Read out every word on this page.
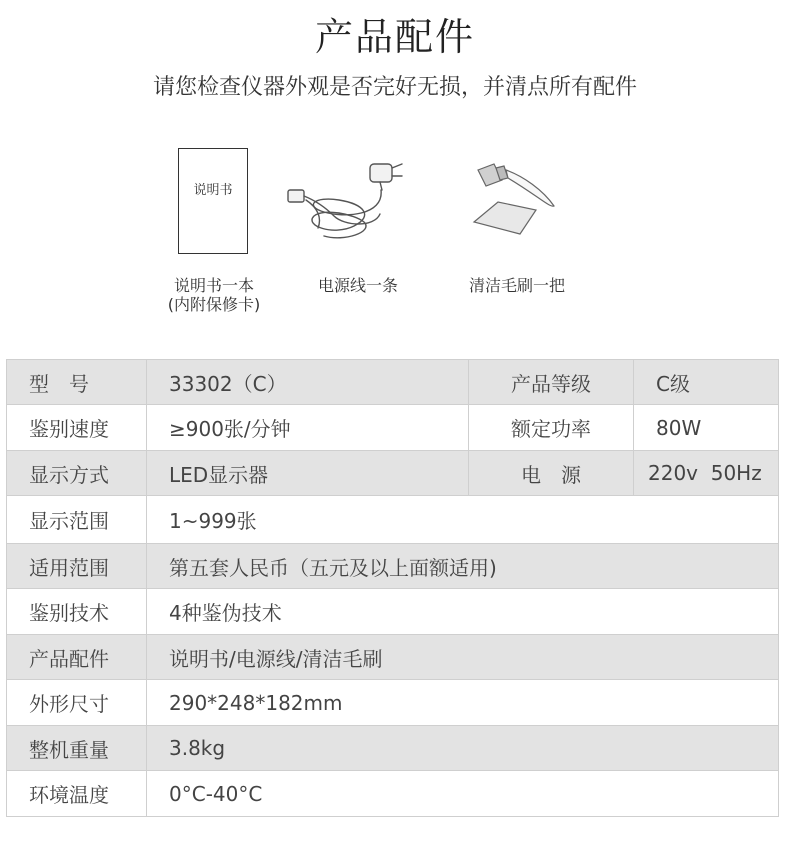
产品配件
请您检查仪器外观是否完好无损，并清点所有配件
说明书
说明书一本
(内附保修卡)
电源线一条	清洁毛刷一把
型　号	33302（C）	产品等级	C级
鉴别速度	≥900张/分钟	额定功率	80W
显示方式	LED显示器	电　源	220v  50Hz
显示范围	1~999张		
适用范围	第五套人民币（五元及以上面额适用)		
鉴别技术	4种鉴伪技术		
产品配件	说明书/电源线/清洁毛刷		
外形尺寸	290*248*182mm		
整机重量	3.8kg		
环境温度	0°C-40°C		
